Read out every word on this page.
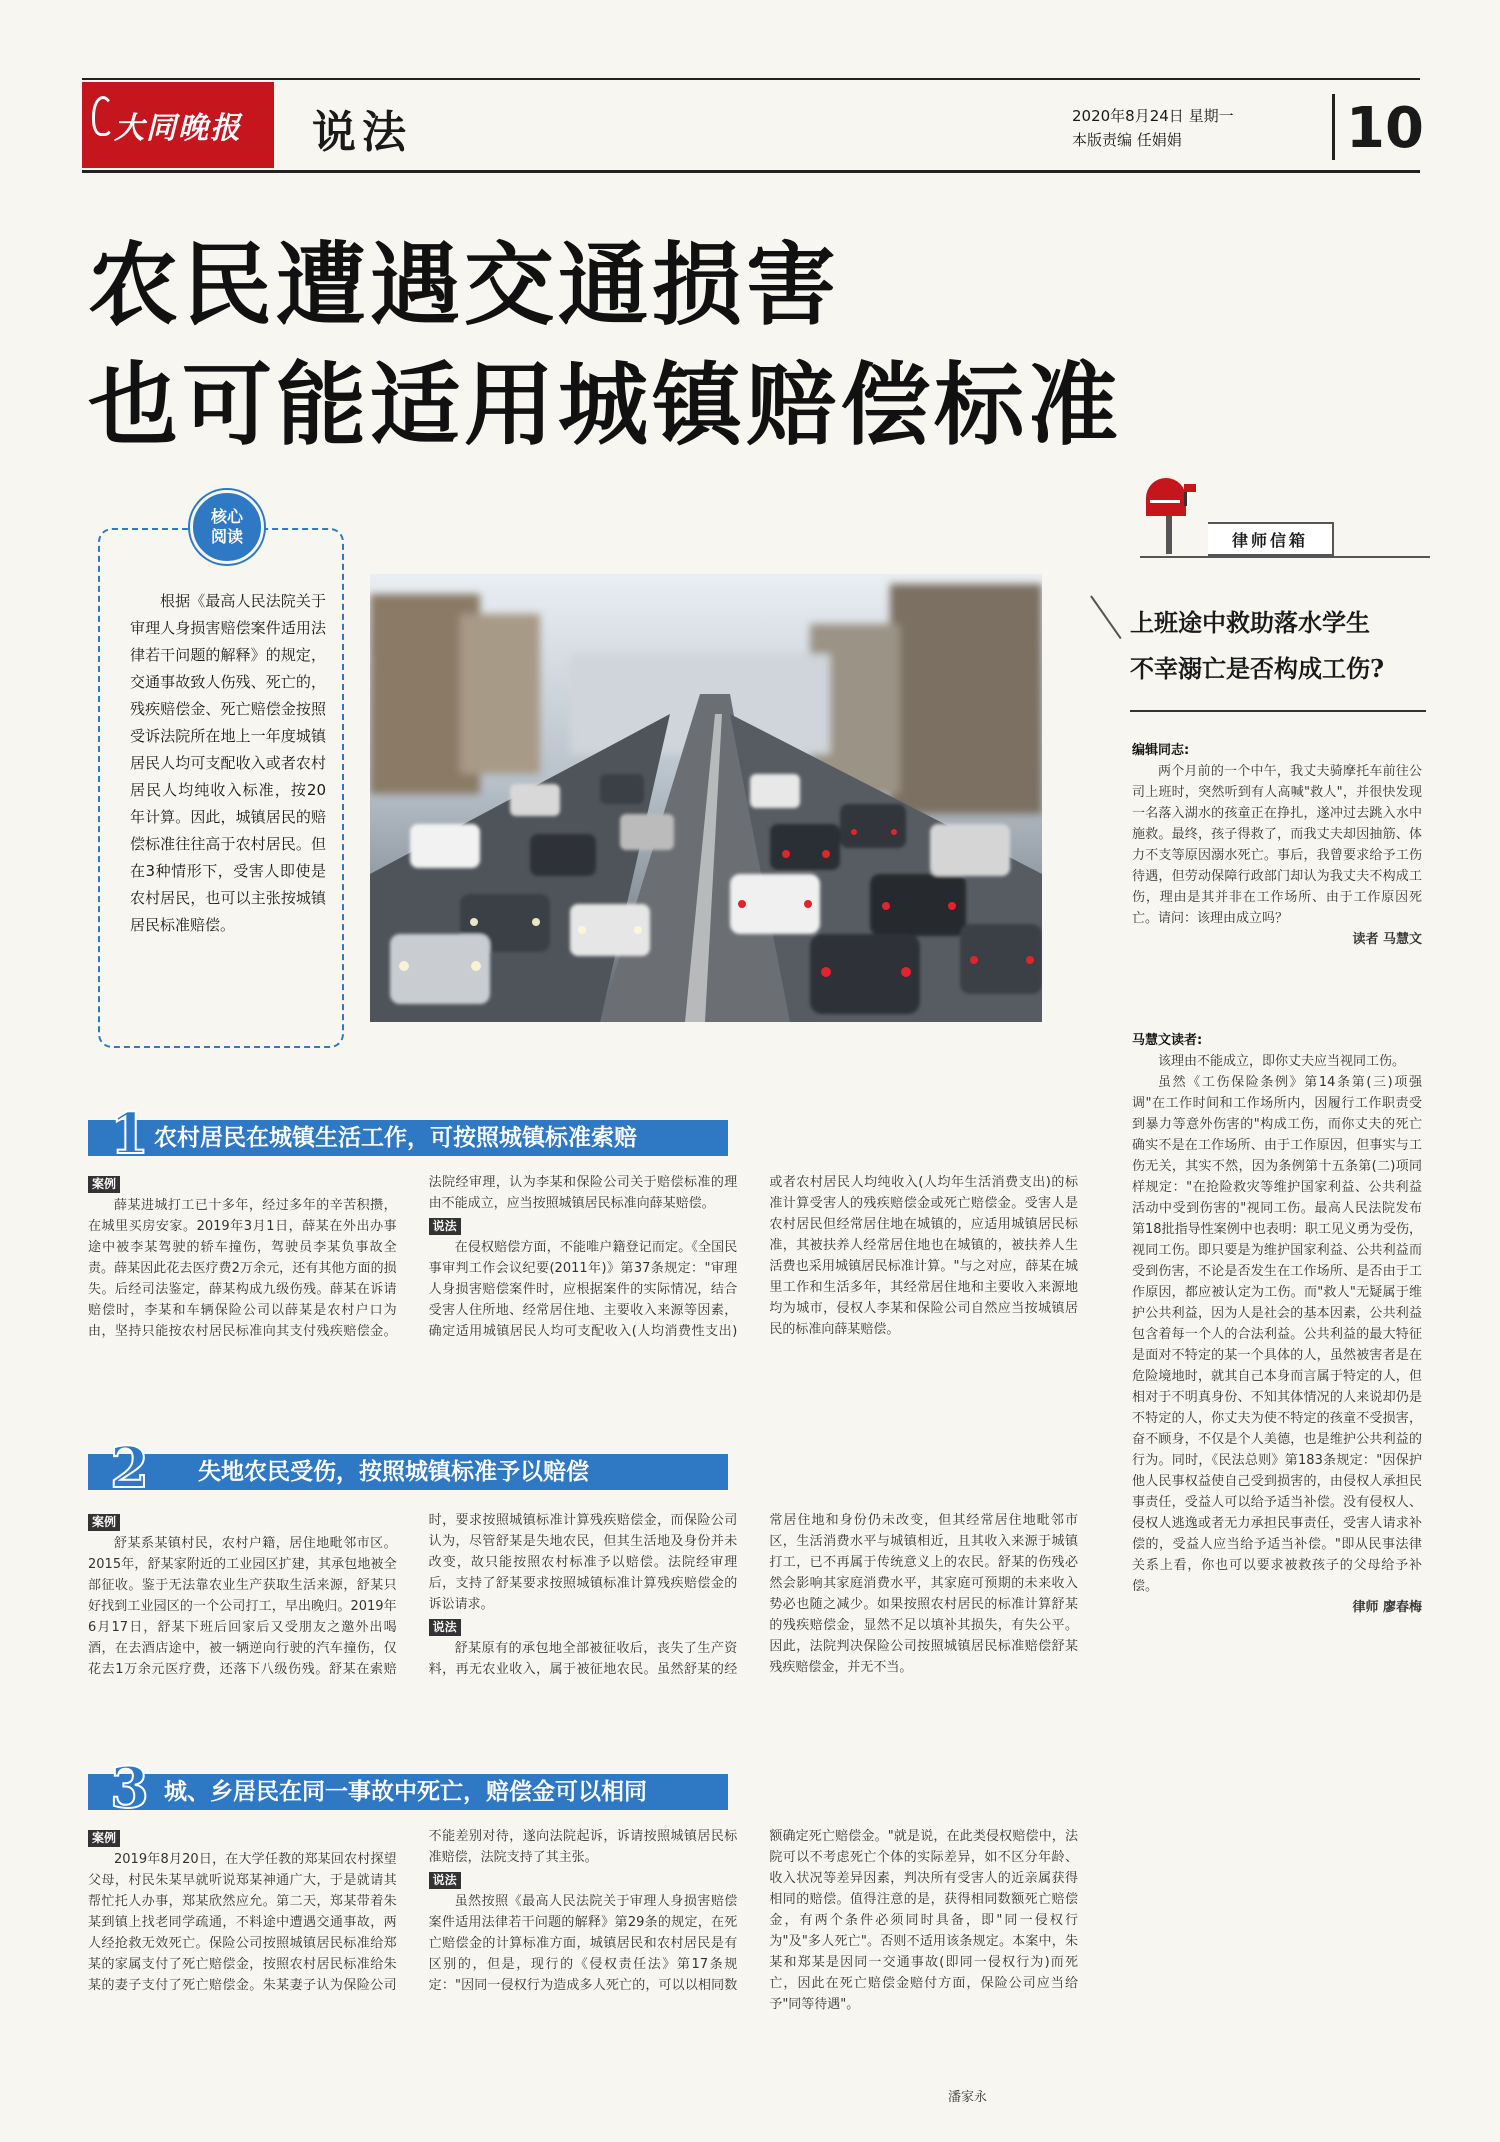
大同晚报 说法	2020年8月24日 星期一
本版责编 任娟娟	10
农民遭遇交通损害
也可能适用城镇赔偿标准
核心
阅读
根据《最高人民法院关于审理人身损害赔偿案件适用法律若干问题的解释》的规定，交通事故致人伤残、死亡的，残疾赔偿金、死亡赔偿金按照受诉法院所在地上一年度城镇居民人均可支配收入或者农村居民人均纯收入标准，按20年计算。因此，城镇居民的赔偿标准往往高于农村居民。但在3种情形下，受害人即使是农村居民，也可以主张按城镇居民标准赔偿。
律师信箱
上班途中救助落水学生
不幸溺亡是否构成工伤?
编辑同志:

两个月前的一个中午，我丈夫骑摩托车前往公司上班时，突然听到有人高喊"救人"，并很快发现一名落入湖水的孩童正在挣扎，遂冲过去跳入水中施救。最终，孩子得救了，而我丈夫却因抽筋、体力不支等原因溺水死亡。事后，我曾要求给予工伤待遇，但劳动保障行政部门却认为我丈夫不构成工伤，理由是其并非在工作场所、由于工作原因死亡。请问：该理由成立吗？

读者 马慧文
马慧文读者:

该理由不能成立，即你丈夫应当视同工伤。

虽然《工伤保险条例》第14条第(三)项强调"在工作时间和工作场所内，因履行工作职责受到暴力等意外伤害的"构成工伤，而你丈夫的死亡确实不是在工作场所、由于工作原因，但事实与工伤无关，其实不然，因为条例第十五条第(二)项同样规定："在抢险救灾等维护国家利益、公共利益活动中受到伤害的"视同工伤。最高人民法院发布第18批指导性案例中也表明：职工见义勇为受伤，视同工伤。即只要是为维护国家利益、公共利益而受到伤害，不论是否发生在工作场所、是否由于工作原因，都应被认定为工伤。而"救人"无疑属于维护公共利益，因为人是社会的基本因素，公共利益包含着每一个人的合法利益。公共利益的最大特征是面对不特定的某一个具体的人，虽然被害者是在危险境地时，就其自己本身而言属于特定的人，但相对于不明真身份、不知其体情况的人来说却仍是不特定的人，你丈夫为使不特定的孩童不受损害，奋不顾身，不仅是个人美德，也是维护公共利益的行为。同时，《民法总则》第183条规定："因保护他人民事权益使自己受到损害的，由侵权人承担民事责任，受益人可以给予适当补偿。没有侵权人、侵权人逃逸或者无力承担民事责任，受害人请求补偿的，受益人应当给予适当补偿。"即从民事法律关系上看，你也可以要求被救孩子的父母给予补偿。

律师 廖春梅
1 农村居民在城镇生活工作，可按照城镇标准索赔
案例

薛某进城打工已十多年，经过多年的辛苦积攒，在城里买房安家。2019年3月1日，薛某在外出办事途中被李某驾驶的轿车撞伤，驾驶员李某负事故全责。薛某因此花去医疗费2万余元，还有其他方面的损失。后经司法鉴定，薛某构成九级伤残。薛某在诉请赔偿时，李某和车辆保险公司以薛某是农村户口为由，坚持只能按农村居民标准向其支付残疾赔偿金。法院经审理，认为李某和保险公司关于赔偿标准的理由不能成立，应当按照城镇居民标准向薛某赔偿。

说法

在侵权赔偿方面，不能唯户籍登记而定。《全国民事审判工作会议纪要(2011年)》第37条规定："审理人身损害赔偿案件时，应根据案件的实际情况，结合受害人住所地、经常居住地、主要收入来源等因素，确定适用城镇居民人均可支配收入(人均消费性支出)或者农村居民人均纯收入(人均年生活消费支出)的标准计算受害人的残疾赔偿金或死亡赔偿金。受害人是农村居民但经常居住地在城镇的，应适用城镇居民标准，其被扶养人经常居住地也在城镇的，被扶养人生活费也采用城镇居民标准计算。"与之对应，薛某在城里工作和生活多年，其经常居住地和主要收入来源地均为城市，侵权人李某和保险公司自然应当按城镇居民的标准向薛某赔偿。

2 失地农民受伤，按照城镇标准予以赔偿
案例

舒某系某镇村民，农村户籍，居住地毗邻市区。2015年，舒某家附近的工业园区扩建，其承包地被全部征收。鉴于无法靠农业生产获取生活来源，舒某只好找到工业园区的一个公司打工，早出晚归。2019年6月17日，舒某下班后回家后又受朋友之邀外出喝酒，在去酒店途中，被一辆逆向行驶的汽车撞伤，仅花去1万余元医疗费，还落下八级伤残。舒某在索赔时，要求按照城镇标准计算残疾赔偿金，而保险公司认为，尽管舒某是失地农民，但其生活地及身份并未改变，故只能按照农村标准予以赔偿。法院经审理后，支持了舒某要求按照城镇标准计算残疾赔偿金的诉讼请求。

说法

舒某原有的承包地全部被征收后，丧失了生产资料，再无农业收入，属于被征地农民。虽然舒某的经常居住地和身份仍未改变，但其经常居住地毗邻市区，生活消费水平与城镇相近，且其收入来源于城镇打工，已不再属于传统意义上的农民。舒某的伤残必然会影响其家庭消费水平，其家庭可预期的未来收入势必也随之减少。如果按照农村居民的标准计算舒某的残疾赔偿金，显然不足以填补其损失，有失公平。因此，法院判决保险公司按照城镇居民标准赔偿舒某残疾赔偿金，并无不当。

3 城、乡居民在同一事故中死亡，赔偿金可以相同
案例

2019年8月20日，在大学任教的郑某回农村探望父母，村民朱某早就听说郑某神通广大，于是就请其帮忙托人办事，郑某欣然应允。第二天，郑某带着朱某到镇上找老同学疏通，不料途中遭遇交通事故，两人经抢救无效死亡。保险公司按照城镇居民标准给郑某的家属支付了死亡赔偿金，按照农村居民标准给朱某的妻子支付了死亡赔偿金。朱某妻子认为保险公司不能差别对待，遂向法院起诉，诉请按照城镇居民标准赔偿，法院支持了其主张。

说法

虽然按照《最高人民法院关于审理人身损害赔偿案件适用法律若干问题的解释》第29条的规定，在死亡赔偿金的计算标准方面，城镇居民和农村居民是有区别的，但是，现行的《侵权责任法》第17条规定："因同一侵权行为造成多人死亡的，可以以相同数额确定死亡赔偿金。"就是说，在此类侵权赔偿中，法院可以不考虑死亡个体的实际差异，如不区分年龄、收入状况等差异因素，判决所有受害人的近亲属获得相同的赔偿。值得注意的是，获得相同数额死亡赔偿金，有两个条件必须同时具备，即"同一侵权行为"及"多人死亡"。否则不适用该条规定。本案中，朱某和郑某是因同一交通事故(即同一侵权行为)而死亡，因此在死亡赔偿金赔付方面，保险公司应当给予"同等待遇"。

潘家永
